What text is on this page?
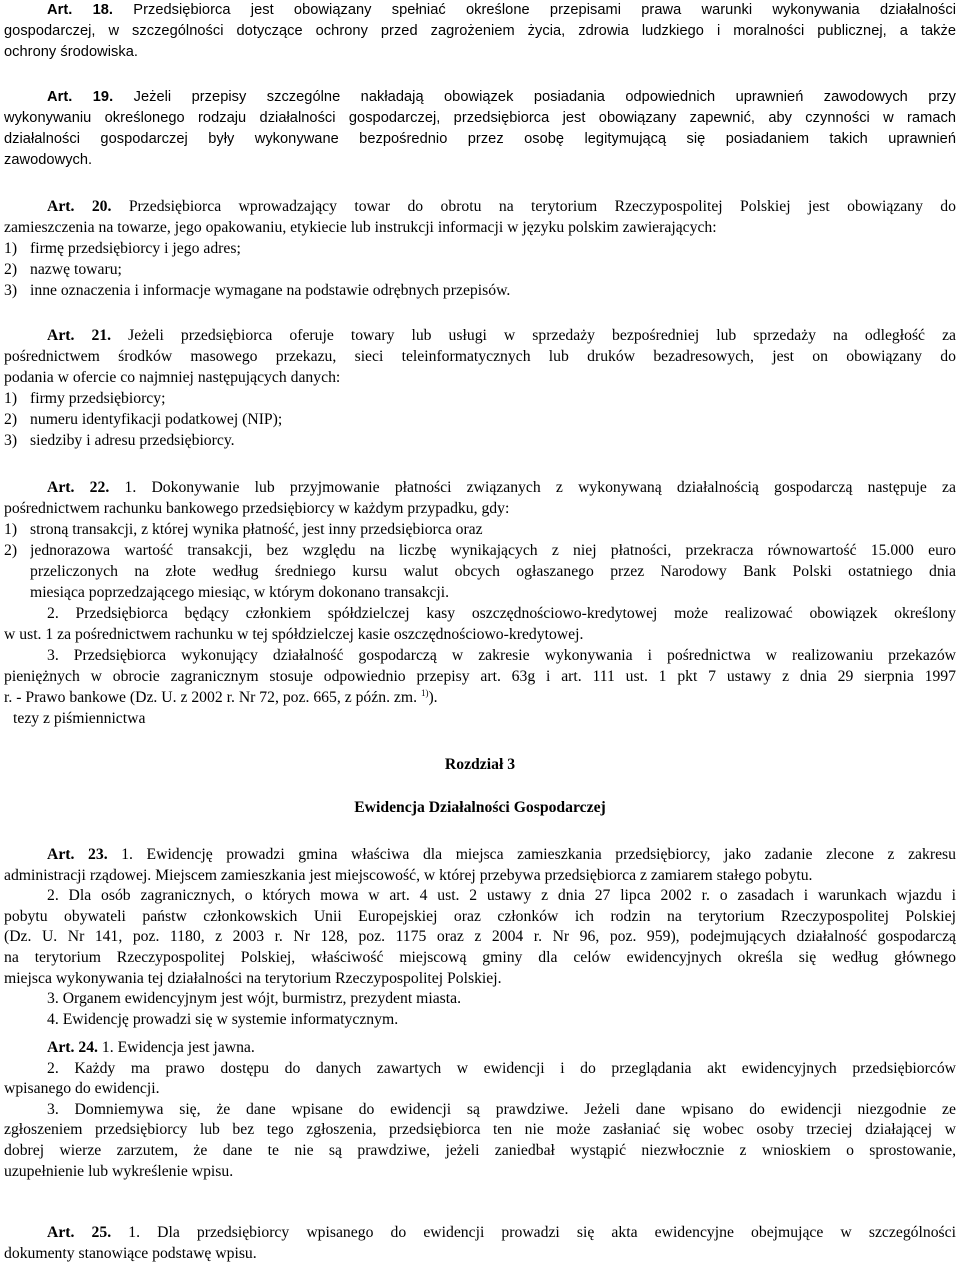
Art. 18. Przedsiębiorca jest obowiązany spełniać określone przepisami prawa warunki wykonywania działalności
gospodarczej, w szczególności dotyczące ochrony przed zagrożeniem życia, zdrowia ludzkiego i moralności publicznej, a także
ochrony środowiska.
Art. 19. Jeżeli przepisy szczególne nakładają obowiązek posiadania odpowiednich uprawnień zawodowych przy
wykonywaniu określonego rodzaju działalności gospodarczej, przedsiębiorca jest obowiązany zapewnić, aby czynności w ramach
działalności gospodarczej były wykonywane bezpośrednio przez osobę legitymującą się posiadaniem takich uprawnień
zawodowych.
Art. 20. Przedsiębiorca wprowadzający towar do obrotu na terytorium Rzeczypospolitej Polskiej jest obowiązany do
zamieszczenia na towarze, jego opakowaniu, etykiecie lub instrukcji informacji w języku polskim zawierających:
1) firmę przedsiębiorcy i jego adres;
2) nazwę towaru;
3) inne oznaczenia i informacje wymagane na podstawie odrębnych przepisów.
Art. 21. Jeżeli przedsiębiorca oferuje towary lub usługi w sprzedaży bezpośredniej lub sprzedaży na odległość za
pośrednictwem środków masowego przekazu, sieci teleinformatycznych lub druków bezadresowych, jest on obowiązany do
podania w ofercie co najmniej następujących danych:
1) firmy przedsiębiorcy;
2) numeru identyfikacji podatkowej (NIP);
3) siedziby i adresu przedsiębiorcy.
Art. 22. 1. Dokonywanie lub przyjmowanie płatności związanych z wykonywaną działalnością gospodarczą następuje za
pośrednictwem rachunku bankowego przedsiębiorcy w każdym przypadku, gdy:
1) stroną transakcji, z której wynika płatność, jest inny przedsiębiorca oraz
2) jednorazowa wartość transakcji, bez względu na liczbę wynikających z niej płatności, przekracza równowartość 15.000 euro
przeliczonych na złote według średniego kursu walut obcych ogłaszanego przez Narodowy Bank Polski ostatniego dnia
miesiąca poprzedzającego miesiąc, w którym dokonano transakcji.
2. Przedsiębiorca będący członkiem spółdzielczej kasy oszczędnościowo-kredytowej może realizować obowiązek określony
w ust. 1 za pośrednictwem rachunku w tej spółdzielczej kasie oszczędnościowo-kredytowej.
3. Przedsiębiorca wykonujący działalność gospodarczą w zakresie wykonywania i pośrednictwa w realizowaniu przekazów
pieniężnych w obrocie zagranicznym stosuje odpowiednio przepisy art. 63g i art. 111 ust. 1 pkt 7 ustawy z dnia 29 sierpnia 1997
r. - Prawo bankowe (Dz. U. z 2002 r. Nr 72, poz. 665, z późn. zm. $^{1)}$).
tezy z piśmiennictwa
Rozdział 3
Ewidencja Działalności Gospodarczej
Art. 23. 1. Ewidencję prowadzi gmina właściwa dla miejsca zamieszkania przedsiębiorcy, jako zadanie zlecone z zakresu
administracji rządowej. Miejscem zamieszkania jest miejscowość, w której przebywa przedsiębiorca z zamiarem stałego pobytu.
2. Dla osób zagranicznych, o których mowa w art. 4 ust. 2 ustawy z dnia 27 lipca 2002 r. o zasadach i warunkach wjazdu i
pobytu obywateli państw członkowskich Unii Europejskiej oraz członków ich rodzin na terytorium Rzeczypospolitej Polskiej
(Dz. U. Nr 141, poz. 1180, z 2003 r. Nr 128, poz. 1175 oraz z 2004 r. Nr 96, poz. 959), podejmujących działalność gospodarczą
na terytorium Rzeczypospolitej Polskiej, właściwość miejscową gminy dla celów ewidencyjnych określa się według głównego
miejsca wykonywania tej działalności na terytorium Rzeczypospolitej Polskiej.
3. Organem ewidencyjnym jest wójt, burmistrz, prezydent miasta.
4. Ewidencję prowadzi się w systemie informatycznym.
Art. 24. 1. Ewidencja jest jawna.
2. Każdy ma prawo dostępu do danych zawartych w ewidencji i do przeglądania akt ewidencyjnych przedsiębiorców
wpisanego do ewidencji.
3. Domniemywa się, że dane wpisane do ewidencji są prawdziwe. Jeżeli dane wpisano do ewidencji niezgodnie ze
zgłoszeniem przedsiębiorcy lub bez tego zgłoszenia, przedsiębiorca ten nie może zasłaniać się wobec osoby trzeciej działającej w
dobrej wierze zarzutem, że dane te nie są prawdziwe, jeżeli zaniedbał wystąpić niezwłocznie z wnioskiem o sprostowanie,
uzupełnienie lub wykreślenie wpisu.
Art. 25. 1. Dla przedsiębiorcy wpisanego do ewidencji prowadzi się akta ewidencyjne obejmujące w szczególności
dokumenty stanowiące podstawę wpisu.
